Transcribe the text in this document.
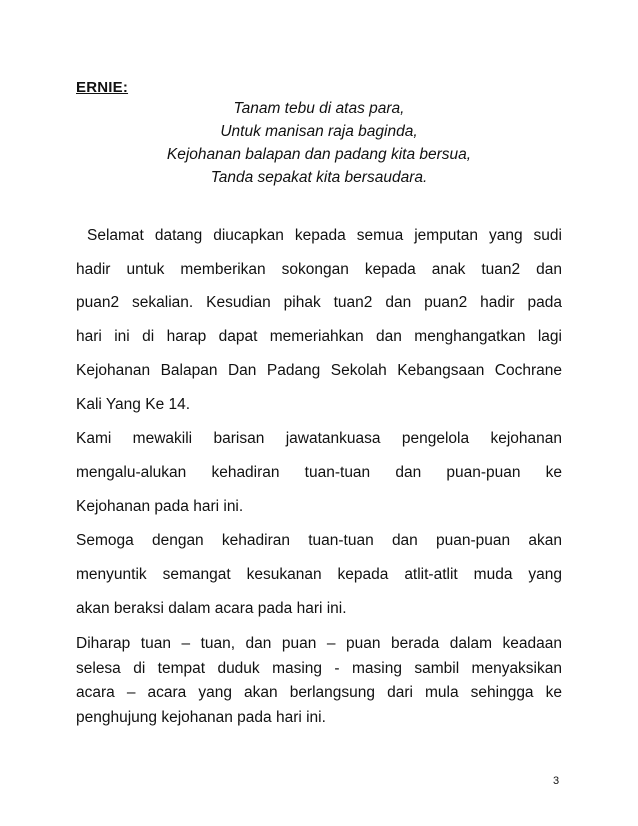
ERNIE:
Tanam tebu di atas para,
Untuk manisan raja baginda,
Kejohanan balapan dan padang kita bersua,
Tanda sepakat kita bersaudara.
Selamat datang diucapkan kepada semua jemputan yang sudi
hadir untuk memberikan sokongan kepada anak tuan2 dan
puan2 sekalian. Kesudian pihak tuan2 dan puan2 hadir pada
hari ini di harap dapat memeriahkan dan menghangatkan lagi
Kejohanan Balapan Dan Padang Sekolah Kebangsaan Cochrane
Kali Yang Ke 14.
Kami mewakili barisan jawatankuasa pengelola kejohanan
mengalu-alukan kehadiran tuan-tuan dan puan-puan ke
Kejohanan pada hari ini.
Semoga dengan kehadiran tuan-tuan dan puan-puan akan
menyuntik semangat kesukanan kepada atlit-atlit muda yang
akan beraksi dalam acara pada hari ini.
Diharap tuan – tuan, dan puan – puan berada dalam keadaan
selesa di tempat duduk masing - masing sambil menyaksikan
acara – acara yang akan berlangsung dari mula sehingga ke
penghujung kejohanan pada hari ini.
3
